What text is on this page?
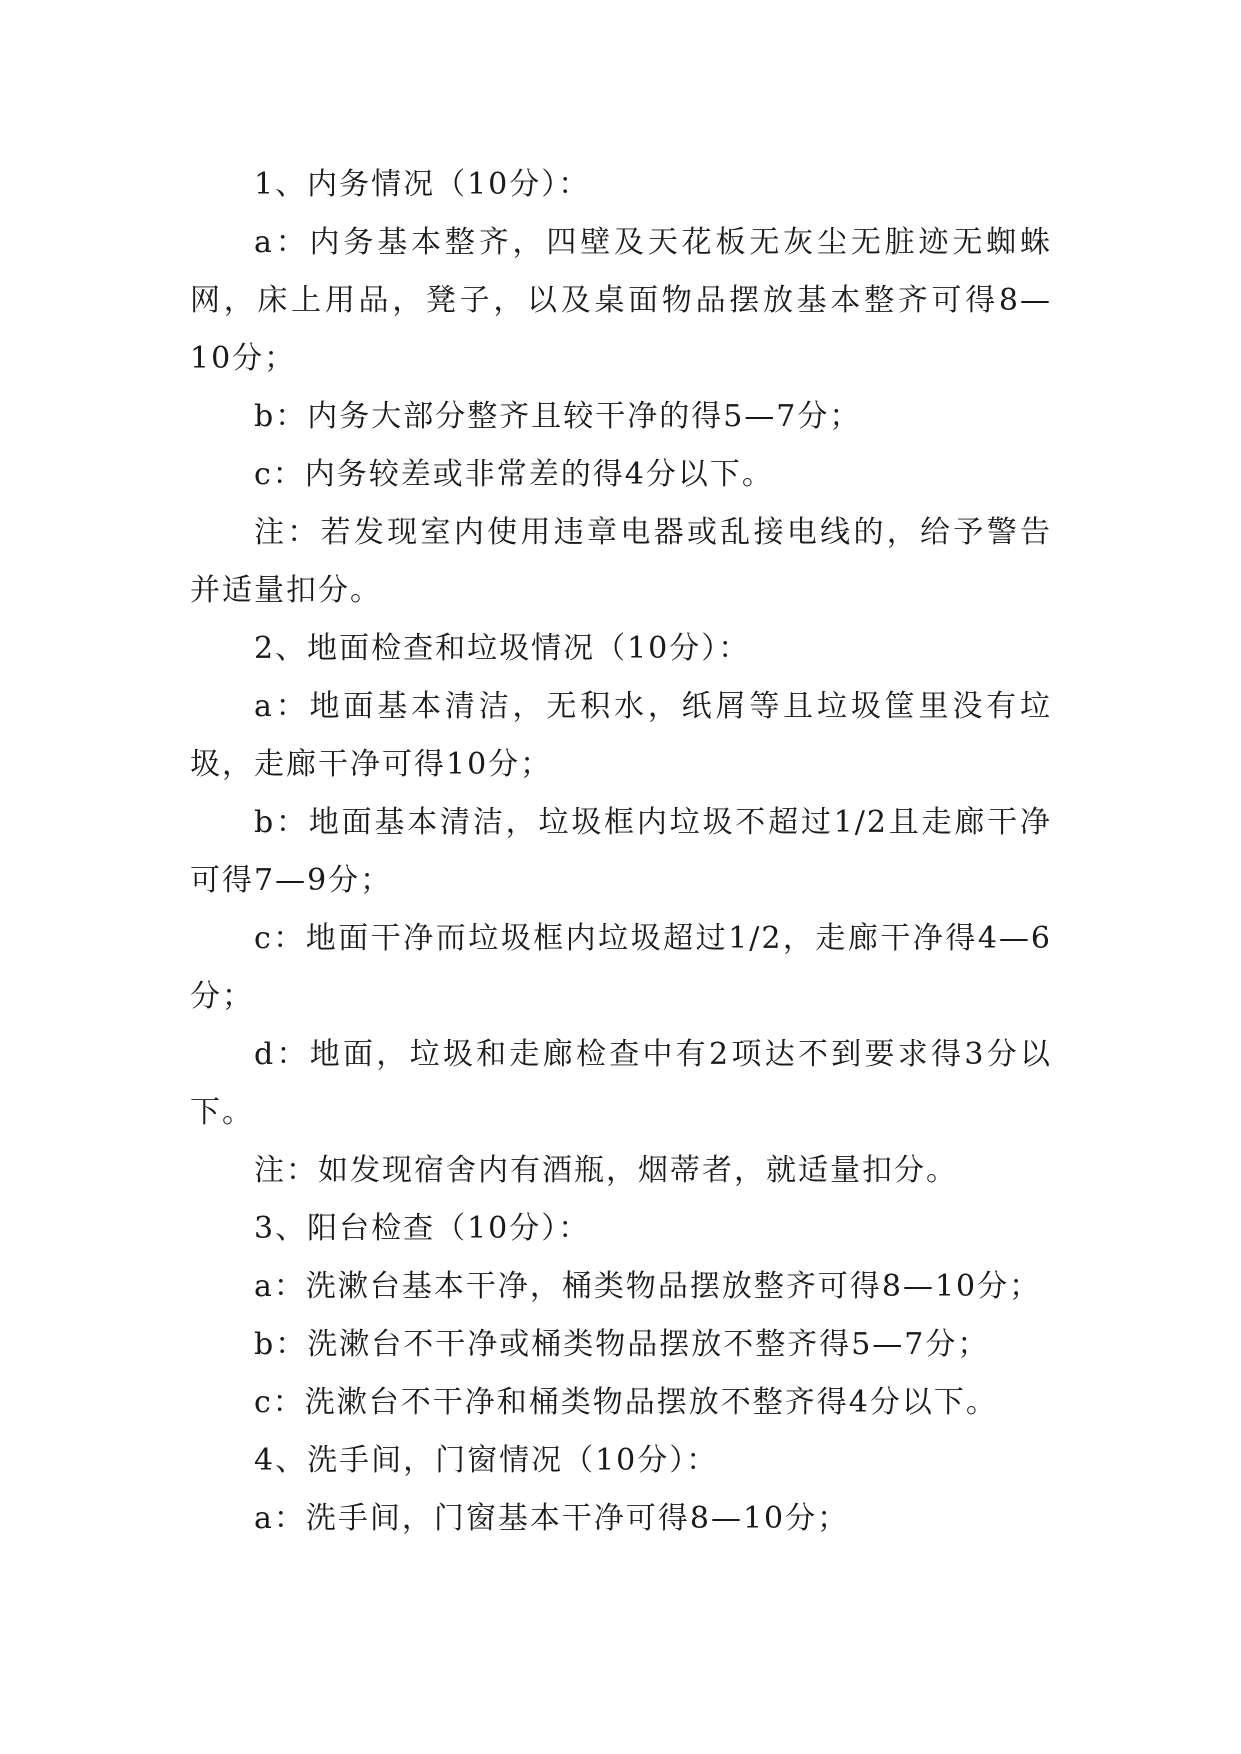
1、内务情况（10分）：

a：内务基本整齐，四壁及天花板无灰尘无脏迹无蜘蛛网，床上用品，凳子，以及桌面物品摆放基本整齐可得8—10分；

b：内务大部分整齐且较干净的得5—7分；

c：内务较差或非常差的得4分以下。

注：若发现室内使用违章电器或乱接电线的，给予警告并适量扣分。

2、地面检查和垃圾情况（10分）：

a：地面基本清洁，无积水，纸屑等且垃圾筐里没有垃圾，走廊干净可得10分；

b：地面基本清洁，垃圾框内垃圾不超过1/2且走廊干净可得7—9分；

c：地面干净而垃圾框内垃圾超过1/2，走廊干净得4—6分；

d：地面，垃圾和走廊检查中有2项达不到要求得3分以下。

注：如发现宿舍内有酒瓶，烟蒂者，就适量扣分。

3、阳台检查（10分）：

a：洗漱台基本干净，桶类物品摆放整齐可得8—10分；

b：洗漱台不干净或桶类物品摆放不整齐得5—7分；

c：洗漱台不干净和桶类物品摆放不整齐得4分以下。

4、洗手间，门窗情况（10分）：

a：洗手间，门窗基本干净可得8—10分；
